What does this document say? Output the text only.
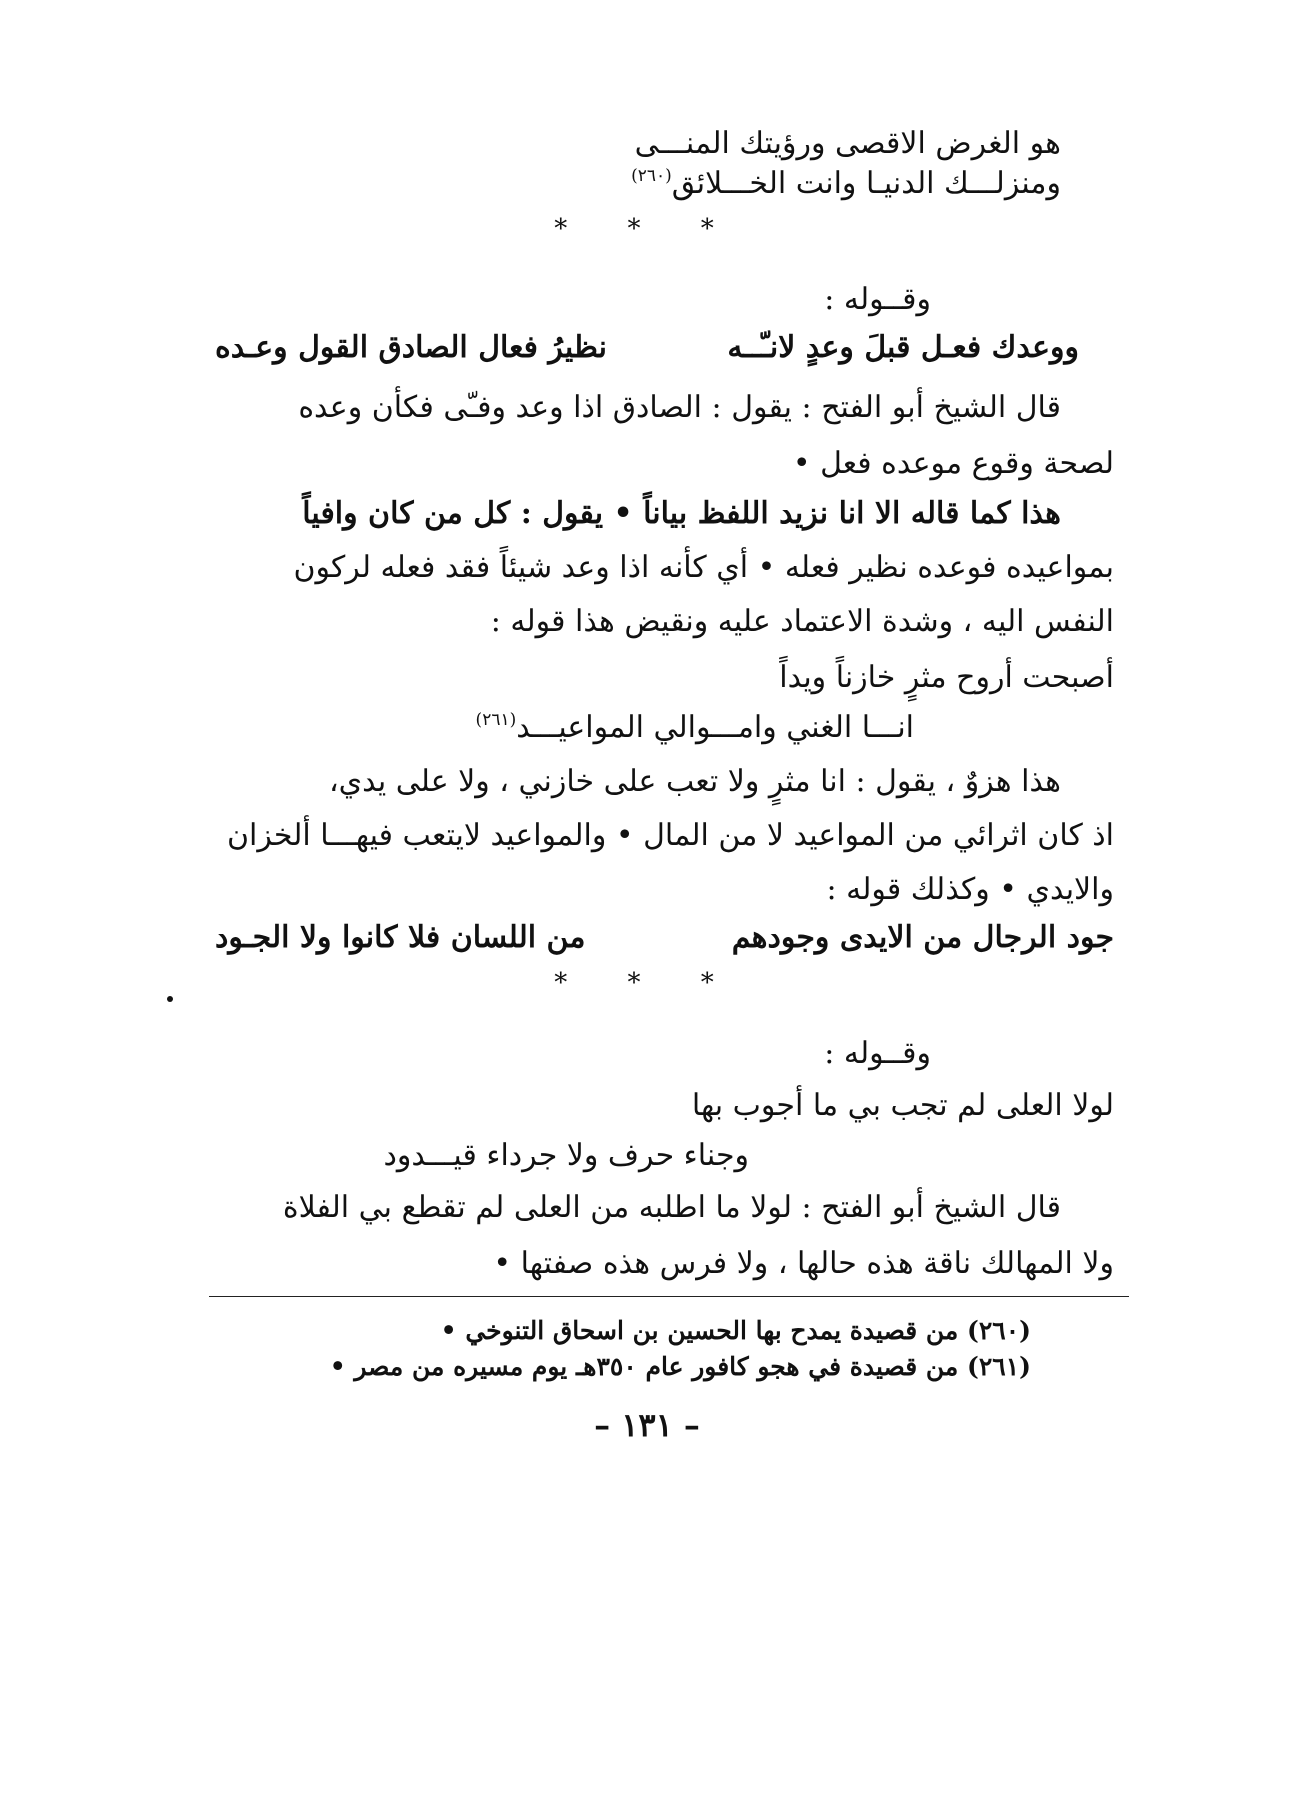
هو الغرض الاقصى ورؤيتك المنـــى
ومنزلـــك الدنيـا وانت الخـــلائق$^{(٢٦٠)}$
* * *
وقــوله :
ووعدك فعـل قبلَ وعدٍ لانـّــه
نظيرُ فعال الصادق القول وعـده
قال الشيخ أبو الفتح : يقول : الصادق اذا وعد وفـّى فكأن وعده
لصحة وقوع موعده فعل •
هذا كما قاله الا انا نزيد اللفظ بياناً • يقول : كل من كان وافياً
بمواعيده فوعده نظير فعله • أي كأنه اذا وعد شيئاً فقد فعله لركون
النفس اليه ، وشدة الاعتماد عليه ونقيض هذا قوله :
أصبحت أروح مثرٍ خازناً ويداً
انـــا الغني وامـــوالي المواعيـــد$^{(٢٦١)}$
هذا هزوٌ ، يقول : انا مثرٍ ولا تعب على خازني ، ولا على يدي،
اذ كان اثرائي من المواعيد لا من المال • والمواعيد لايتعب فيهـــا ألخزان
والايدي • وكذلك قوله :
جود الرجال من الايدى وجودهم
من اللسان فلا كانوا ولا الجـود
* * *
وقــوله :
لولا العلى لم تجب بي ما أجوب بها
وجناء حرف ولا جرداء قيـــدود
قال الشيخ أبو الفتح : لولا ما اطلبه من العلى لم تقطع بي الفلاة
ولا المهالك ناقة هذه حالها ، ولا فرس هذه صفتها •
(٢٦٠) من قصيدة يمدح بها الحسين بن اسحاق التنوخي •
(٢٦١) من قصيدة في هجو كافور عام ٣٥٠هـ يوم مسيره من مصر •
– ١٣١ –
